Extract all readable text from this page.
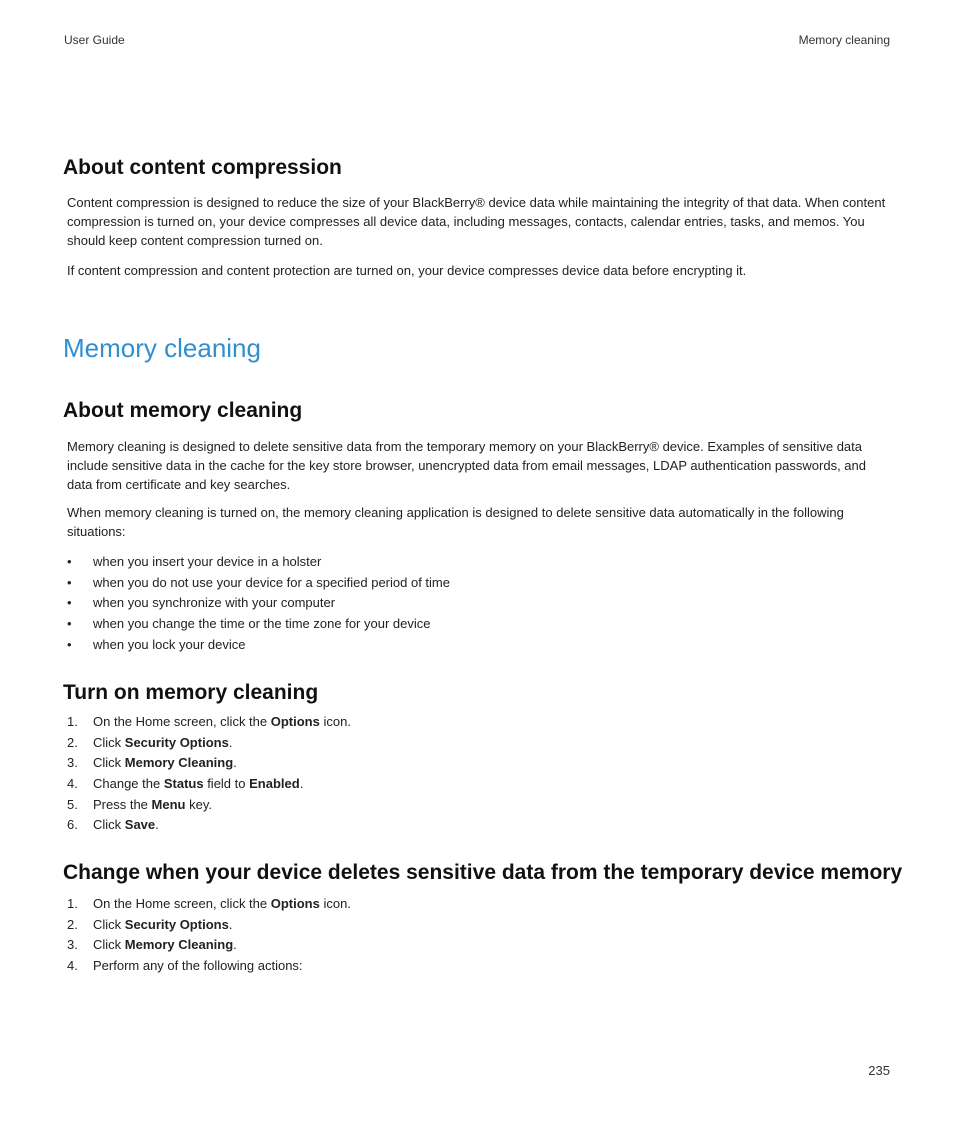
User Guide	Memory cleaning
About content compression

Content compression is designed to reduce the size of your BlackBerry® device data while maintaining the integrity of that data. When content compression is turned on, your device compresses all device data, including messages, contacts, calendar entries, tasks, and memos. You should keep content compression turned on.

If content compression and content protection are turned on, your device compresses device data before encrypting it.

Memory cleaning
About memory cleaning

Memory cleaning is designed to delete sensitive data from the temporary memory on your BlackBerry® device. Examples of sensitive data include sensitive data in the cache for the key store browser, unencrypted data from email messages, LDAP authentication passwords, and data from certificate and key searches.

When memory cleaning is turned on, the memory cleaning application is designed to delete sensitive data automatically in the following situations:

• when you insert your device in a holster
• when you do not use your device for a specified period of time
• when you synchronize with your computer
• when you change the time or the time zone for your device
• when you lock your device
Turn on memory cleaning
1. On the Home screen, click the Options icon.
2. Click Security Options.
3. Click Memory Cleaning.
4. Change the Status field to Enabled.
5. Press the Menu key.
6. Click Save.
Change when your device deletes sensitive data from the temporary device memory
1. On the Home screen, click the Options icon.
2. Click Security Options.
3. Click Memory Cleaning.
4. Perform any of the following actions:
235
